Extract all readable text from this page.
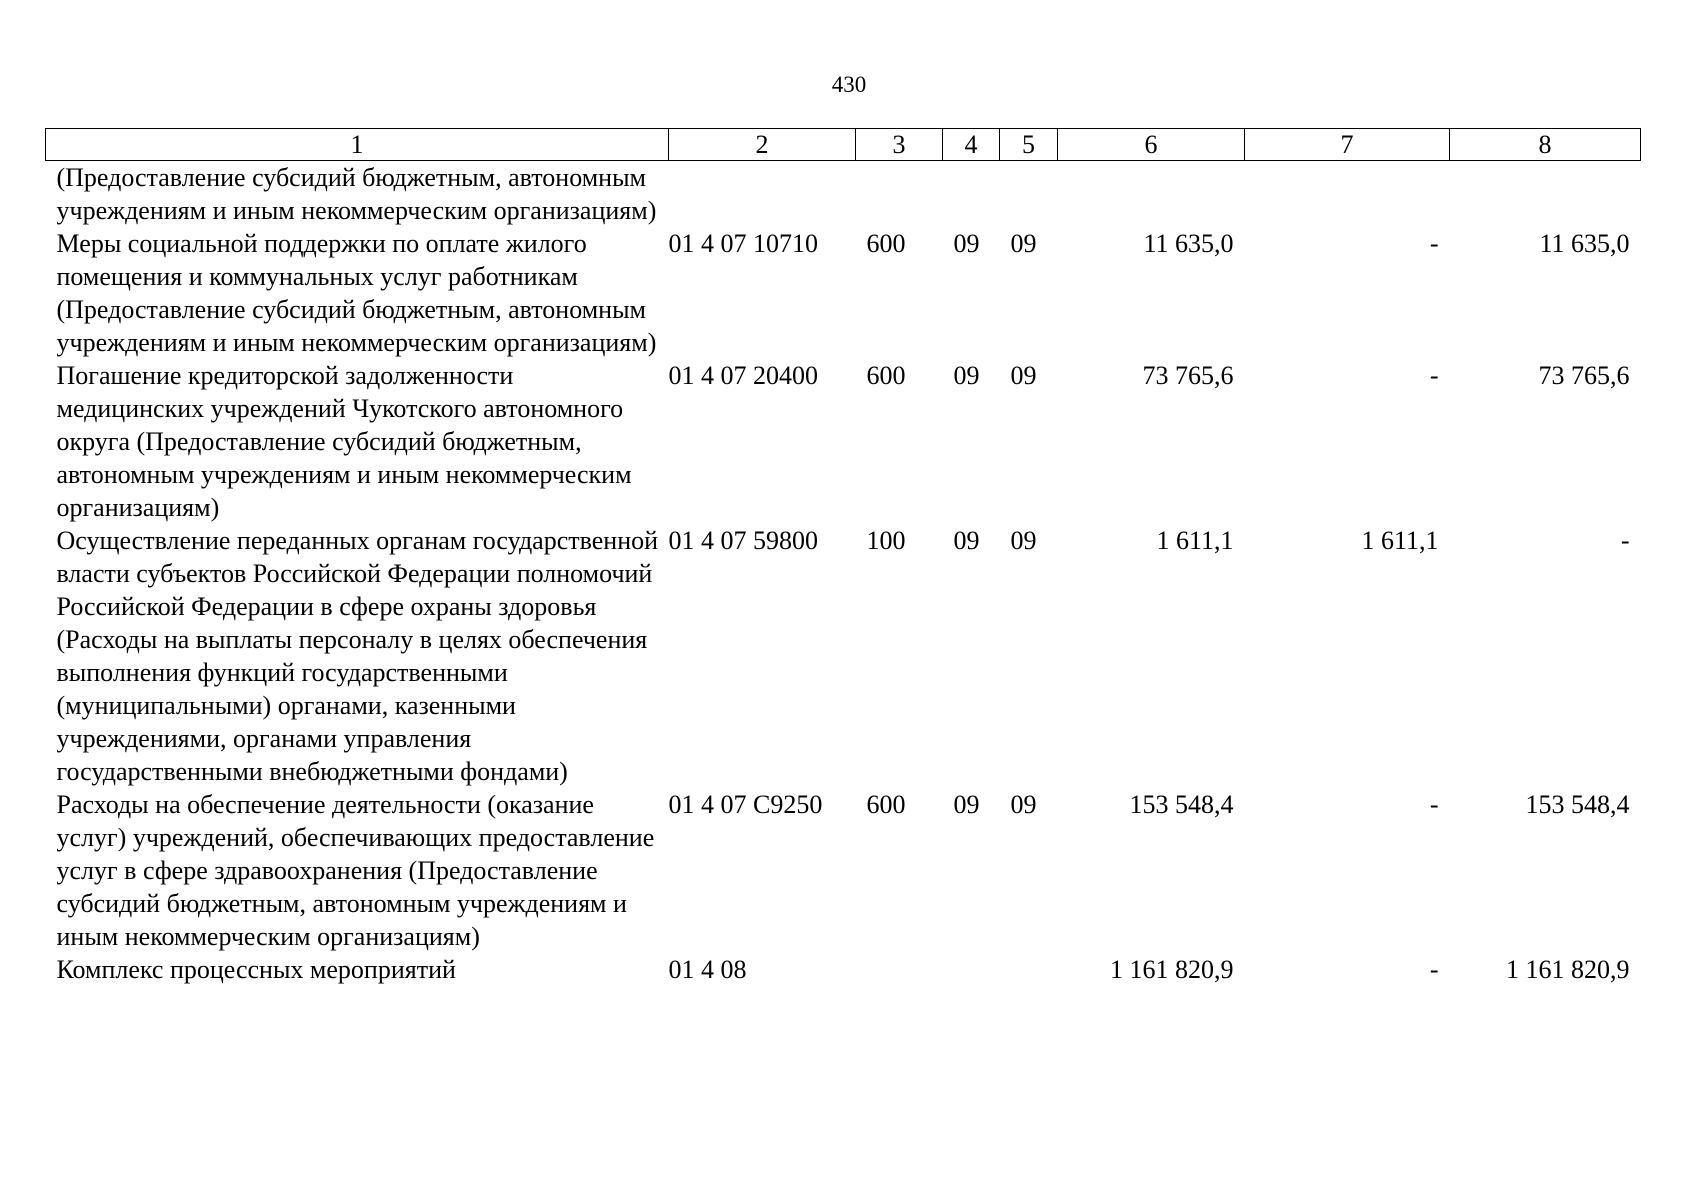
430
1	2	3	4	5	6	7	8
(Предоставление субсидий бюджетным, автономным учреждениям и иным некоммерческим организациям)							
Меры социальной поддержки по оплате жилого помещения и коммунальных услуг работникам (Предоставление субсидий бюджетным, автономным учреждениям и иным некоммерческим организациям)	01 4 07 10710	600	09	09	11 635,0	-	11 635,0
Погашение кредиторской задолженности медицинских учреждений Чукотского автономного округа (Предоставление субсидий бюджетным, автономным учреждениям и иным некоммерческим организациям)	01 4 07 20400	600	09	09	73 765,6	-	73 765,6
Осуществление переданных органам государственной власти субъектов Российской Федерации полномочий Российской Федерации в сфере охраны здоровья (Расходы на выплаты персоналу в целях обеспечения выполнения функций государственными (муниципальными) органами, казенными учреждениями, органами управления государственными внебюджетными фондами)	01 4 07 59800	100	09	09	1 611,1	1 611,1	-
Расходы на обеспечение деятельности (оказание услуг) учреждений, обеспечивающих предоставление услуг в сфере здравоохранения (Предоставление субсидий бюджетным, автономным учреждениям и иным некоммерческим организациям)	01 4 07 С9250	600	09	09	153 548,4	-	153 548,4
Комплекс процессных мероприятий	01 4 08				1 161 820,9	-	1 161 820,9
